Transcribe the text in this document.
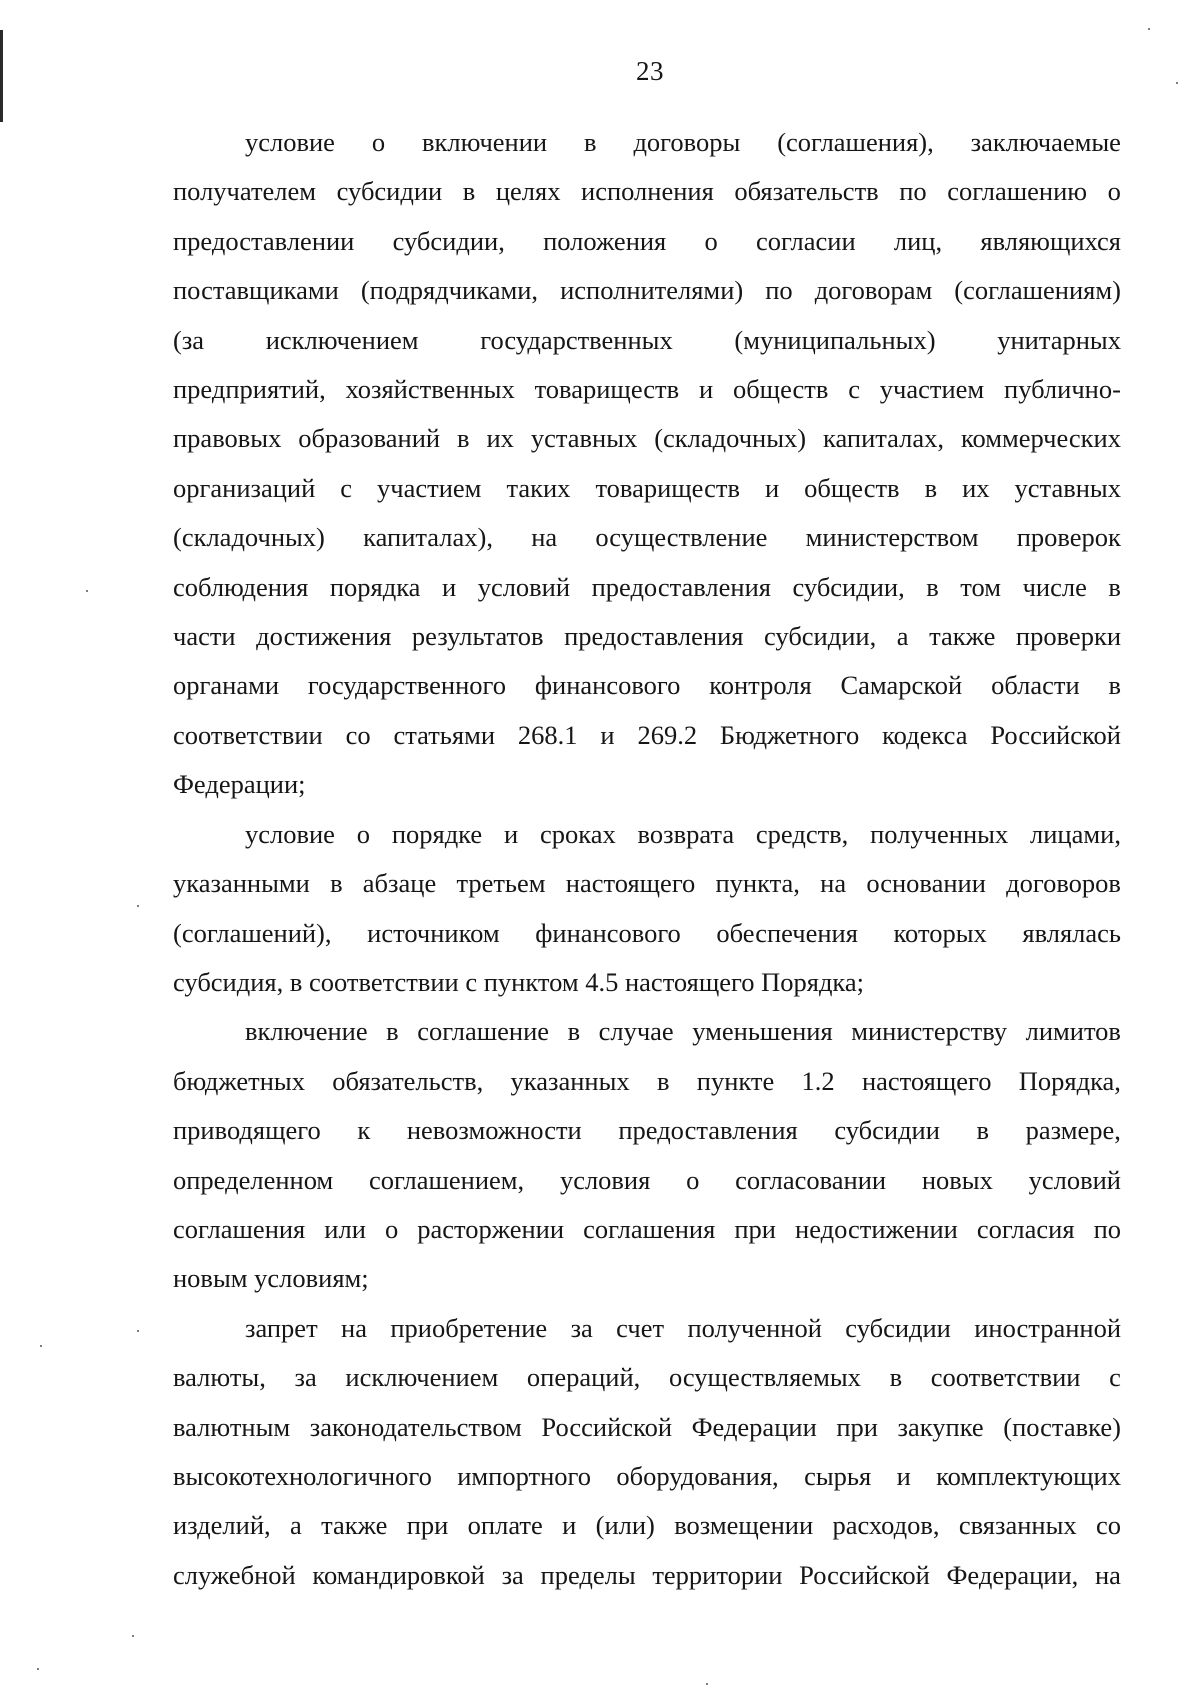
23
условие о включении в договоры (соглашения), заключаемые
получателем субсидии в целях исполнения обязательств по соглашению о
предоставлении субсидии, положения о согласии лиц, являющихся
поставщиками (подрядчиками, исполнителями) по договорам (соглашениям)
(за исключением государственных (муниципальных) унитарных
предприятий, хозяйственных товариществ и обществ с участием публично-
правовых образований в их уставных (складочных) капиталах, коммерческих
организаций с участием таких товариществ и обществ в их уставных
(складочных) капиталах), на осуществление министерством проверок
соблюдения порядка и условий предоставления субсидии, в том числе в
части достижения результатов предоставления субсидии, а также проверки
органами государственного финансового контроля Самарской области в
соответствии со статьями 268.1 и 269.2 Бюджетного кодекса Российской
Федерации;
условие о порядке и сроках возврата средств, полученных лицами,
указанными в абзаце третьем настоящего пункта, на основании договоров
(соглашений), источником финансового обеспечения которых являлась
субсидия, в соответствии с пунктом 4.5 настоящего Порядка;
включение в соглашение в случае уменьшения министерству лимитов
бюджетных обязательств, указанных в пункте 1.2 настоящего Порядка,
приводящего к невозможности предоставления субсидии в размере,
определенном соглашением, условия о согласовании новых условий
соглашения или о расторжении соглашения при недостижении согласия по
новым условиям;
запрет на приобретение за счет полученной субсидии иностранной
валюты, за исключением операций, осуществляемых в соответствии с
валютным законодательством Российской Федерации при закупке (поставке)
высокотехнологичного импортного оборудования, сырья и комплектующих
изделий, а также при оплате и (или) возмещении расходов, связанных со
служебной командировкой за пределы территории Российской Федерации, на
